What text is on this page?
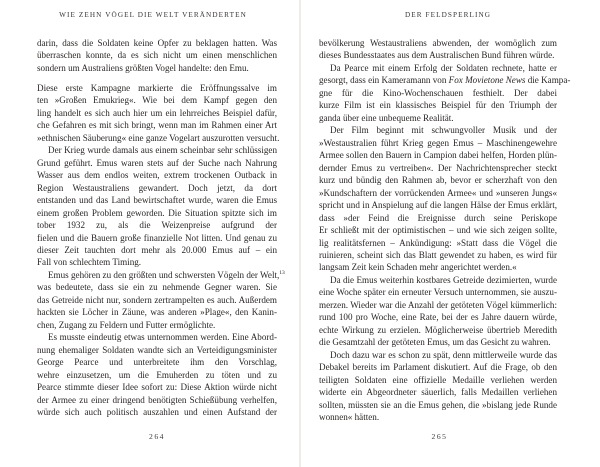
WIE ZEHN VÖGEL DIE WELT VERÄNDERTEN
darin, dass die Soldaten keine Opfer zu beklagen hatten. Was
überraschen konnte, da es sich nicht um einen menschlichen
sondern um Australiens größten Vogel handelte: den Emu.
Diese erste Kampagne markierte die Eröffnungssalve im
ten »Großen Emukrieg«. Wie bei dem Kampf gegen den
ling handelt es sich auch hier um ein lehrreiches Beispiel dafür,
che Gefahren es mit sich bringt, wenn man im Rahmen einer Art
»ethnischen Säuberung« eine ganze Vogelart auszurotten versucht.
Der Krieg wurde damals aus einem scheinbar sehr schlüssigen
Grund geführt. Emus waren stets auf der Suche nach Nahrung
Wasser aus dem endlos weiten, extrem trockenen Outback in
Region Westaustraliens gewandert. Doch jetzt, da dort
entstanden und das Land bewirtschaftet wurde, waren die Emus
einem großen Problem geworden. Die Situation spitzte sich im
tober 1932 zu, als die Weizenpreise aufgrund der
fielen und die Bauern große finanzielle Not litten. Und genau zu
dieser Zeit tauchten dort mehr als 20.000 Emus auf – ein
Fall von schlechtem Timing.
Emus gehören zu den größten und schwersten Vögeln der Welt,$^{13}$
was bedeutete, dass sie ein zu nehmende Gegner waren. Sie
das Getreide nicht nur, sondern zertrampelten es auch. Außerdem
hackten sie Löcher in Zäune, was anderen »Plage«, den Kanin-
chen, Zugang zu Feldern und Futter ermöglichte.
Es musste eindeutig etwas unternommen werden. Eine Abord-
nung ehemaliger Soldaten wandte sich an Verteidigungsminister
George Pearce und unterbreitete ihm den Vorschlag,
wehre einzusetzen, um die Emuherden zu töten und zu
Pearce stimmte dieser Idee sofort zu: Diese Aktion würde nicht
der Armee zu einer dringend benötigten Schießübung verhelfen,
würde sich auch politisch auszahlen und einen Aufstand der
264
DER FELDSPERLING
bevölkerung Westaustraliens abwenden, der womöglich zum
dieses Bundesstaates aus dem Australischen Bund führen würde.
Da Pearce mit einem Erfolg der Soldaten rechnete, hatte er
gesorgt, dass ein Kameramann von Fox Movietone News die Kampa-
gne für die Kino-Wochenschauen festhielt. Der dabei
kurze Film ist ein klassisches Beispiel für den Triumph der
ganda über eine unbequeme Realität.
Der Film beginnt mit schwungvoller Musik und der
»Westaustralien führt Krieg gegen Emus – Maschinengewehre
Armee sollen den Bauern in Campion dabei helfen, Horden plün-
dernder Emus zu vertreiben«. Der Nachrichtensprecher steckt
kurz und bündig den Rahmen ab, bevor er scherzhaft von den
»Kundschaftern der vorrückenden Armee« und »unseren Jungs«
spricht und in Anspielung auf die langen Hälse der Emus erklärt,
dass »der Feind die Ereignisse durch seine Periskope
Er schließt mit der optimistischen – und wie sich zeigen sollte,
lig realitätsfernen – Ankündigung: »Statt dass die Vögel die
ruinieren, scheint sich das Blatt gewendet zu haben, es wird für
langsam Zeit kein Schaden mehr angerichtet werden.«
Da die Emus weiterhin kostbares Getreide dezimierten, wurde
eine Woche später ein erneuter Versuch unternommen, sie auszu-
merzen. Wieder war die Anzahl der getöteten Vögel kümmerlich:
rund 100 pro Woche, eine Rate, bei der es Jahre dauern würde,
echte Wirkung zu erzielen. Möglicherweise übertrieb Meredith
die Gesamtzahl der getöteten Emus, um das Gesicht zu wahren.
Doch dazu war es schon zu spät, denn mittlerweile wurde das
Debakel bereits im Parlament diskutiert. Auf die Frage, ob den
teiligten Soldaten eine offizielle Medaille verliehen werden
widerte ein Abgeordneter säuerlich, falls Medaillen verliehen
sollten, müssten sie an die Emus gehen, die »bislang jede Runde
wonnen« hätten.
265
